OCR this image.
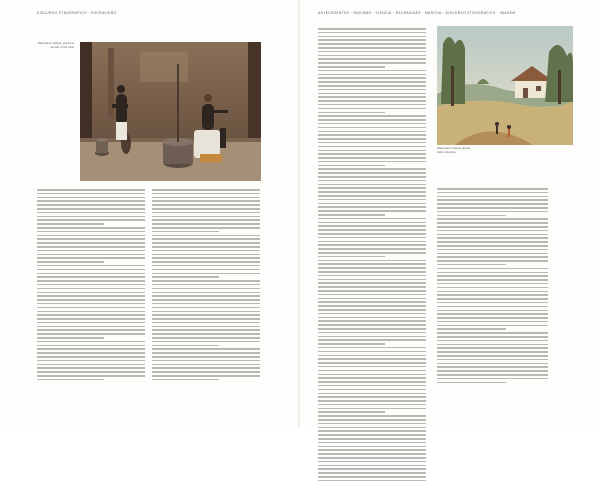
DISCURSO ETNOGRÁFICO · ESCRAVIDÃO
Illustration caption, placed to the left of the plate
·
ANTECEDENTES · RACISMO · CIENCIA · ESCRAVIDÃO · MARCHA · DISCURSO ETNOGRÁFICO · IMAGEM
Illustration caption, placed below the plate
·
